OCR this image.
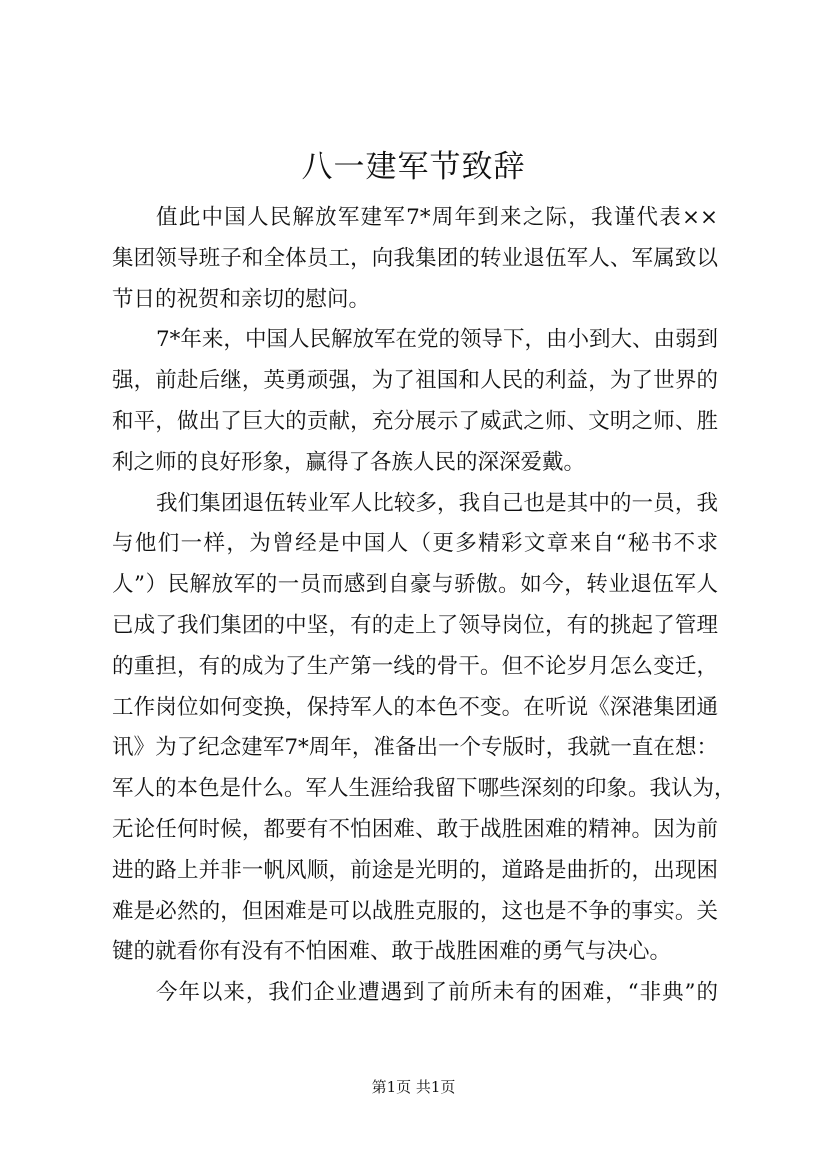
八一建军节致辞
值此中国人民解放军建军7*周年到来之际，我谨代表××
集团领导班子和全体员工，向我集团的转业退伍军人、军属致以
节日的祝贺和亲切的慰问。
7*年来，中国人民解放军在党的领导下，由小到大、由弱到
强，前赴后继，英勇顽强，为了祖国和人民的利益，为了世界的
和平，做出了巨大的贡献，充分展示了威武之师、文明之师、胜
利之师的良好形象，赢得了各族人民的深深爱戴。
我们集团退伍转业军人比较多，我自己也是其中的一员，我
与他们一样，为曾经是中国人（更多精彩文章来自“秘书不求
人”）民解放军的一员而感到自豪与骄傲。如今，转业退伍军人
已成了我们集团的中坚，有的走上了领导岗位，有的挑起了管理
的重担，有的成为了生产第一线的骨干。但不论岁月怎么变迁，
工作岗位如何变换，保持军人的本色不变。在听说《深港集团通
讯》为了纪念建军7*周年，准备出一个专版时，我就一直在想：
军人的本色是什么。军人生涯给我留下哪些深刻的印象。我认为，
无论任何时候，都要有不怕困难、敢于战胜困难的精神。因为前
进的路上并非一帆风顺，前途是光明的，道路是曲折的，出现困
难是必然的，但困难是可以战胜克服的，这也是不争的事实。关
键的就看你有没有不怕困难、敢于战胜困难的勇气与决心。
今年以来，我们企业遭遇到了前所未有的困难，“非典”的
第1页 共1页
